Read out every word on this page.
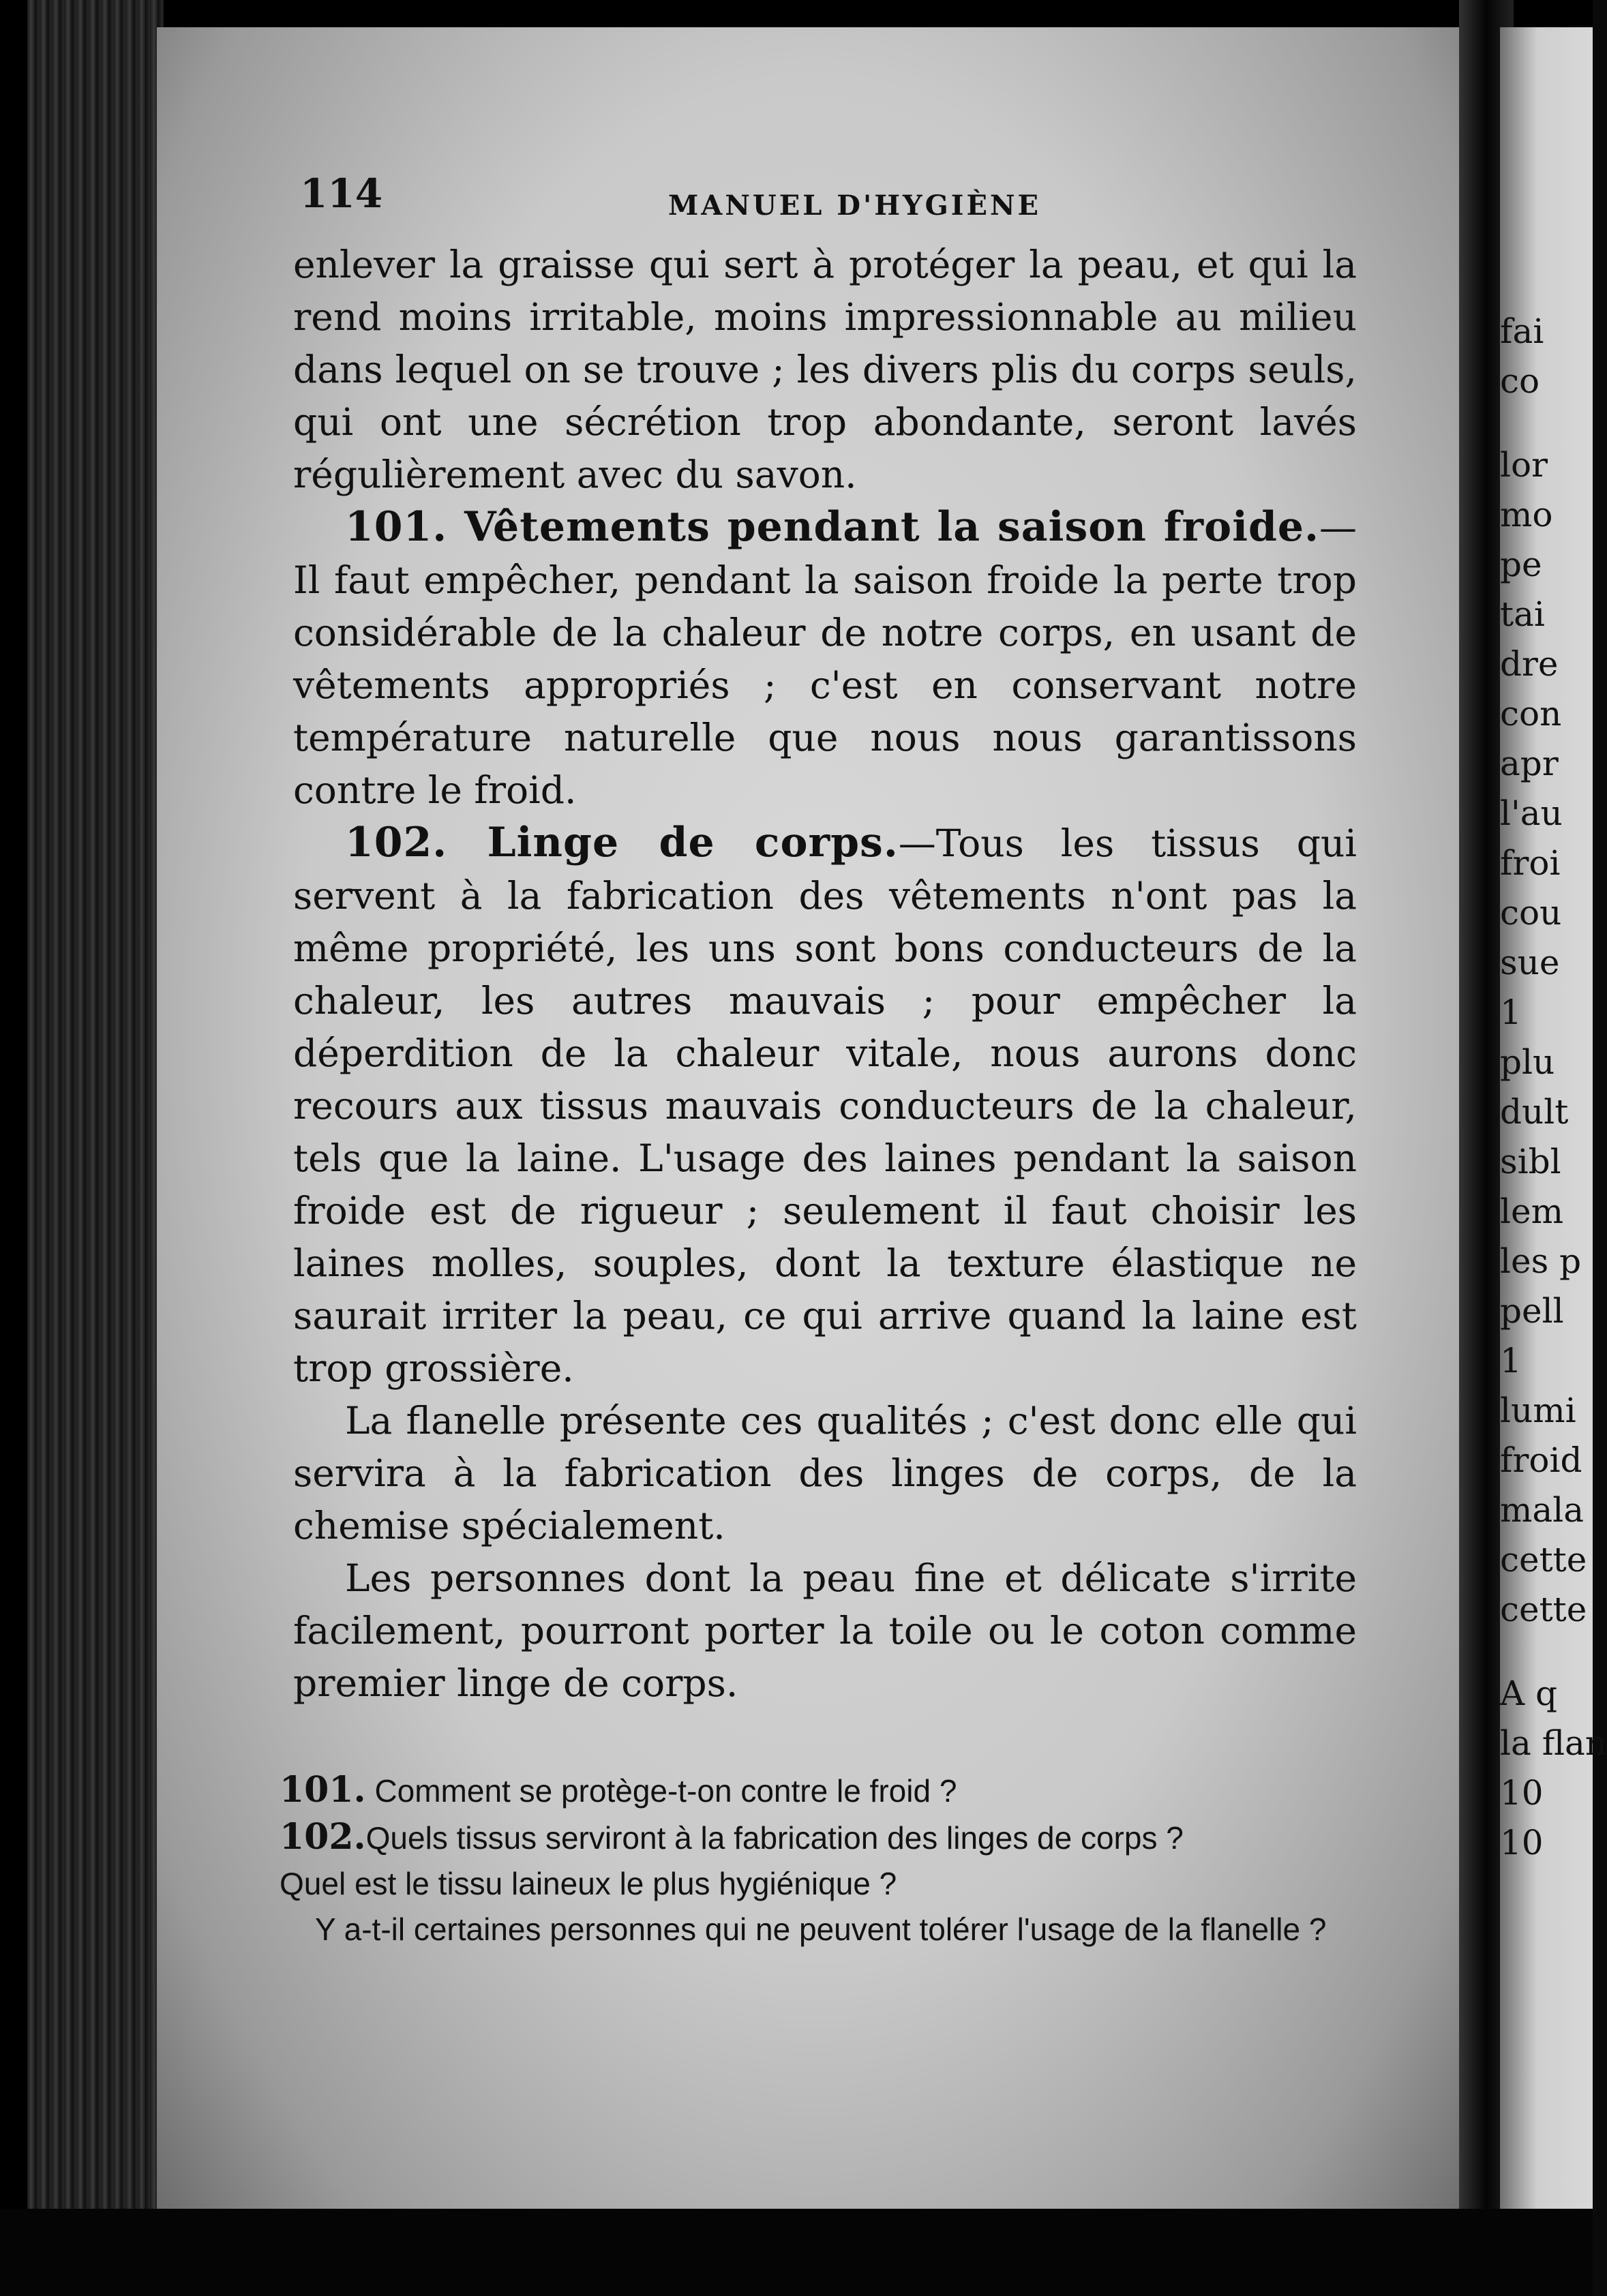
114	MANUEL D'HYGIÈNE

enlever la graisse qui sert à protéger la peau, et qui la rend moins irritable, moins impressionnable au milieu dans lequel on se trouve ; les divers plis du corps seuls, qui ont une sécrétion trop abondante, seront lavés régulièrement avec du savon.

101. Vêtements pendant la saison froide.—Il faut empêcher, pendant la saison froide la perte trop considérable de la chaleur de notre corps, en usant de vêtements appropriés ; c'est en conservant notre température naturelle que nous nous garantissons contre le froid.

102. Linge de corps.—Tous les tissus qui servent à la fabrication des vêtements n'ont pas la même propriété, les uns sont bons conducteurs de la chaleur, les autres mauvais ; pour empêcher la déperdition de la chaleur vitale, nous aurons donc recours aux tissus mauvais conducteurs de la chaleur, tels que la laine. L'usage des laines pendant la saison froide est de rigueur ; seulement il faut choisir les laines molles, souples, dont la texture élastique ne saurait irriter la peau, ce qui arrive quand la laine est trop grossière.

La flanelle présente ces qualités ; c'est donc elle qui servira à la fabrication des linges de corps, de la chemise spécialement.

Les personnes dont la peau fine et délicate s'irrite facilement, pourront porter la toile ou le coton comme premier linge de corps.

101. Comment se protège-t-on contre le froid ?

102.Quels tissus serviront à la fabrication des linges de corps ?

Quel est le tissu laineux le plus hygiénique ?

Y a-t-il certaines personnes qui ne peuvent tolérer l'usage de la flanelle ?

fai
co
lor
mo
pe
tai
dre
con
apr
l'au
froi
cou
sue
1
plu
dult
sibl
lem
les p
pell
1
lumi
froid
mala
cette
cette
A q
la flan
10
10
